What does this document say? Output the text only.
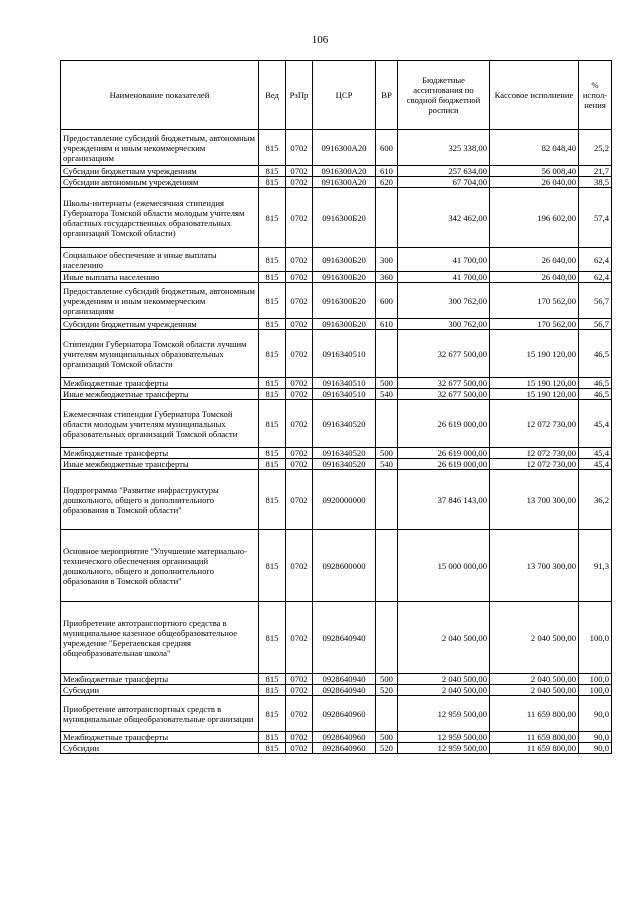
106
Наименование показателей	Вед	РзПр	ЦСР	ВР	Бюджетные ассигнования по сводной бюджетной росписи	Кассовое исполнение	% испол-нения
Предоставление субсидий бюджетным, автономным учреждениям и иным некоммерческим организациям	815	0702	0916300А20	600	325 338,00	82 048,40	25,2
Субсидии бюджетным учреждениям	815	0702	0916300А20	610	257 634,00	56 008,40	21,7
Субсидии автономным учреждениям	815	0702	0916300А20	620	67 704,00	26 040,00	38,5
Школы-интернаты (ежемесячная стипендия Губернатора Томской области молодым учителям областных государственных образовательных организаций Томской области)	815	0702	0916300Б20		342 462,00	196 602,00	57,4
Социальное обеспечение и иные выплаты населению	815	0702	0916300Б20	300	41 700,00	26 040,00	62,4
Иные выплаты населению	815	0702	0916300Б20	360	41 700,00	26 040,00	62,4
Предоставление субсидий бюджетным, автономным учреждениям и иным некоммерческим организациям	815	0702	0916300Б20	600	300 762,00	170 562,00	56,7
Субсидии бюджетным учреждениям	815	0702	0916300Б20	610	300 762,00	170 562,00	56,7
Стипендии Губернатора Томской области лучшим учителям муниципальных образовательных организаций Томской области	815	0702	0916340510		32 677 500,00	15 190 120,00	46,5
Межбюджетные трансферты	815	0702	0916340510	500	32 677 500,00	15 190 120,00	46,5
Иные межбюджетные трансферты	815	0702	0916340510	540	32 677 500,00	15 190 120,00	46,5
Ежемесячная стипендия Губернатора Томской области молодым учителям муниципальных образовательных организаций Томской области	815	0702	0916340520		26 619 000,00	12 072 730,00	45,4
Межбюджетные трансферты	815	0702	0916340520	500	26 619 000,00	12 072 730,00	45,4
Иные межбюджетные трансферты	815	0702	0916340520	540	26 619 000,00	12 072 730,00	45,4
Подпрограмма "Развитие инфраструктуры дошкольного, общего и дополнительного образования в Томской области"	815	0702	0920000000		37 846 143,00	13 700 300,00	36,2
Основное мероприятие "Улучшение материально-технического обеспечения организаций дошкольного, общего и дополнительного образования в Томской области"	815	0702	0928600000		15 000 000,00	13 700 300,00	91,3
Приобретение автотранспортного средства в муниципальное казенное общеобразовательное учреждение "Берегаевская средняя общеобразовательная школа"	815	0702	0928640940		2 040 500,00	2 040 500,00	100,0
Межбюджетные трансферты	815	0702	0928640940	500	2 040 500,00	2 040 500,00	100,0
Субсидии	815	0702	0928640940	520	2 040 500,00	2 040 500,00	100,0
Приобретение автотранспортных средств в муниципальные общеобразовательные организации	815	0702	0928640960		12 959 500,00	11 659 800,00	90,0
Межбюджетные трансферты	815	0702	0928640960	500	12 959 500,00	11 659 800,00	90,0
Субсидии	815	0702	0928640960	520	12 959 500,00	11 659 800,00	90,0
